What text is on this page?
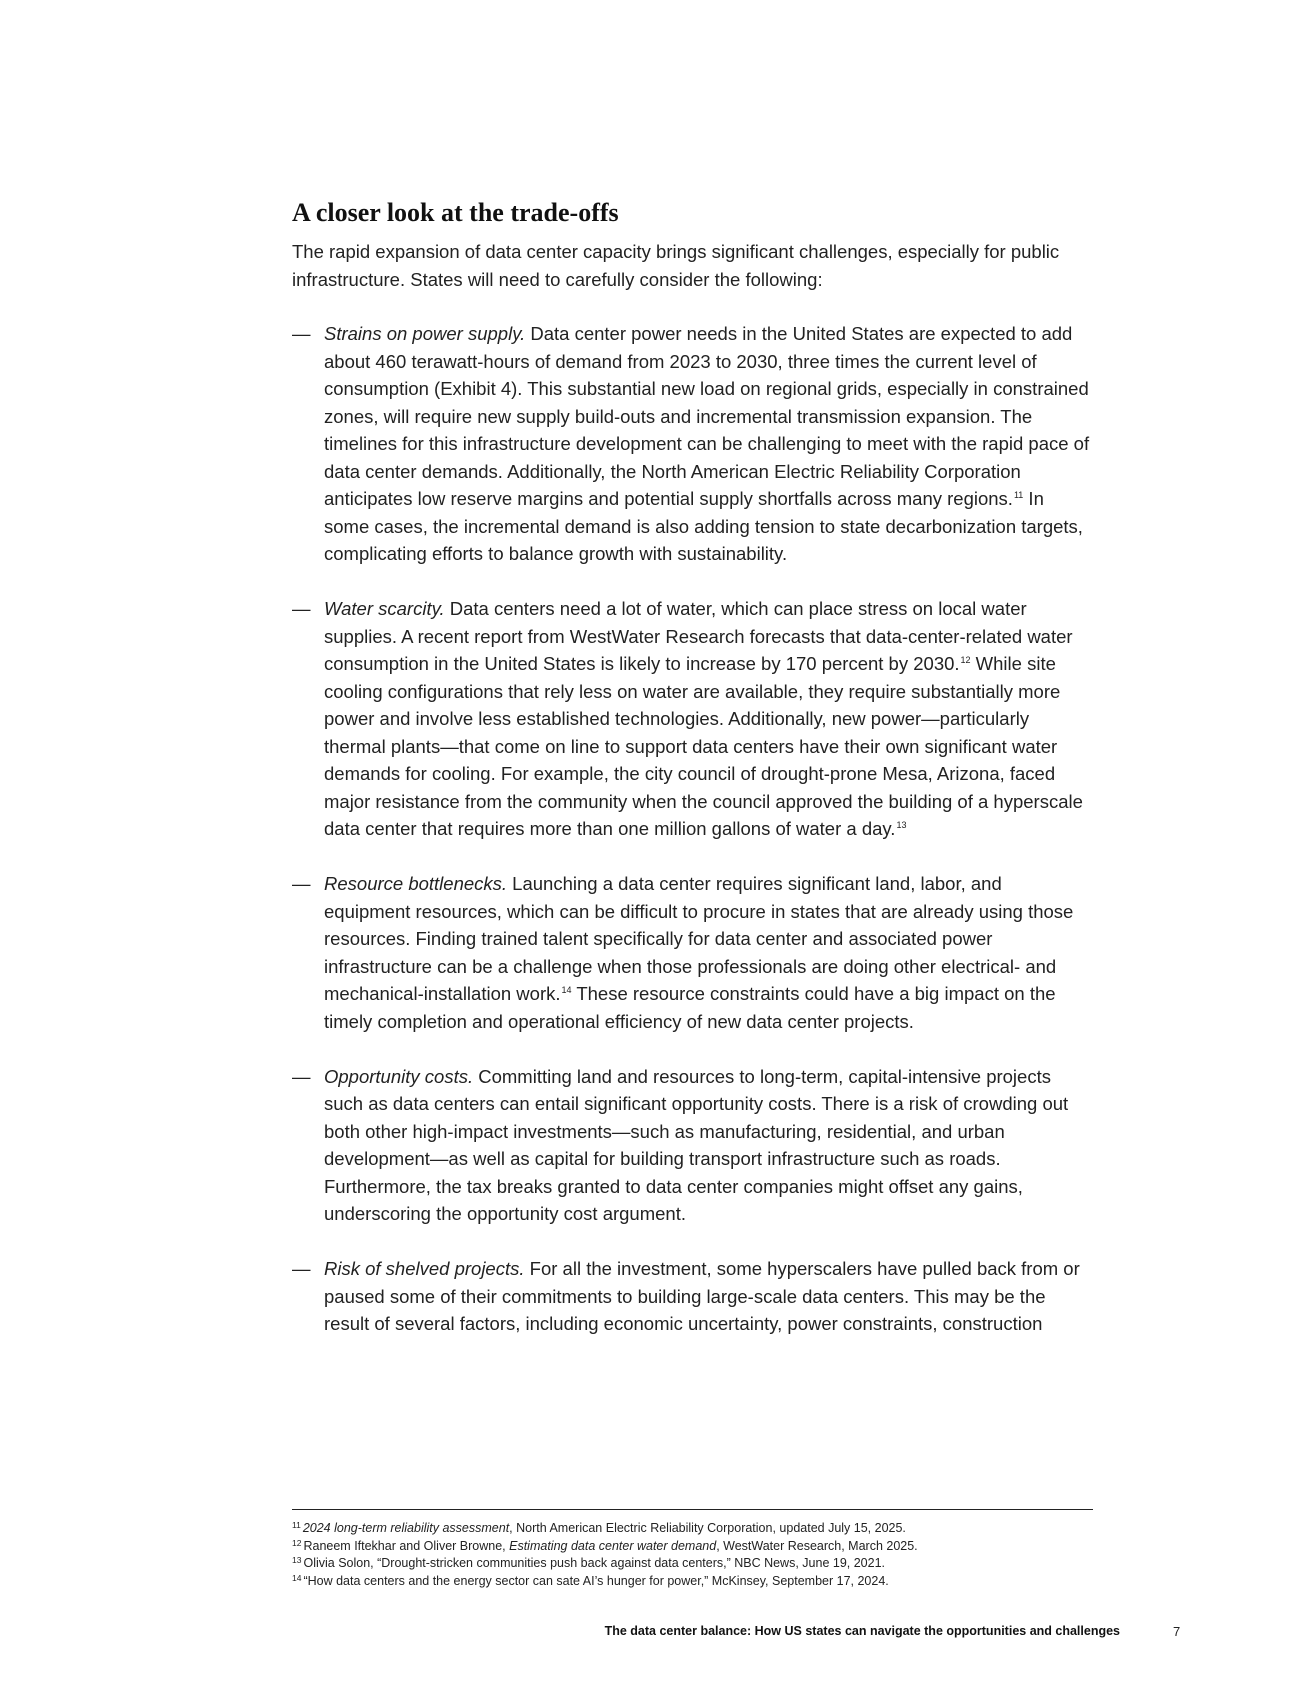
A closer look at the trade-offs

The rapid expansion of data center capacity brings significant challenges, especially for public infrastructure. States will need to carefully consider the following:

— Strains on power supply. Data center power needs in the United States are expected to add about 460 terawatt-hours of demand from 2023 to 2030, three times the current level of consumption (Exhibit 4). This substantial new load on regional grids, especially in constrained zones, will require new supply build-outs and incremental transmission expansion. The timelines for this infrastructure development can be challenging to meet with the rapid pace of data center demands. Additionally, the North American Electric Reliability Corporation anticipates low reserve margins and potential supply shortfalls across many regions.$^{11}$ In some cases, the incremental demand is also adding tension to state decarbonization targets, complicating efforts to balance growth with sustainability.
— Water scarcity. Data centers need a lot of water, which can place stress on local water supplies. A recent report from WestWater Research forecasts that data-center-related water consumption in the United States is likely to increase by 170 percent by 2030.12 While site cooling configurations that rely less on water are available, they require substantially more power and involve less established technologies. Additionally, new power—particularly thermal plants—that come on line to support data centers have their own significant water demands for cooling. For example, the city council of drought-prone Mesa, Arizona, faced major resistance from the community when the council approved the building of a hyperscale data center that requires more than one million gallons of water a day.$^{13}$
— Resource bottlenecks. Launching a data center requires significant land, labor, and equipment resources, which can be difficult to procure in states that are already using those resources. Finding trained talent specifically for data center and associated power infrastructure can be a challenge when those professionals are doing other electrical- and mechanical-installation work.$^{14}$ These resource constraints could have a big impact on the timely completion and operational efficiency of new data center projects.
— Opportunity costs. Committing land and resources to long-term, capital-intensive projects such as data centers can entail significant opportunity costs. There is a risk of crowding out both other high-impact investments—such as manufacturing, residential, and urban development—as well as capital for building transport infrastructure such as roads. Furthermore, the tax breaks granted to data center companies might offset any gains, underscoring the opportunity cost argument.
— Risk of shelved projects. For all the investment, some hyperscalers have pulled back from or paused some of their commitments to building large-scale data centers. This may be the result of several factors, including economic uncertainty, power constraints, construction
$^{11}$ 2024 long-term reliability assessment, North American Electric Reliability Corporation, updated July 15, 2025.
$^{12}$ Raneem Iftekhar and Oliver Browne, Estimating data center water demand, WestWater Research, March 2025.
$^{13}$ Olivia Solon, “Drought-stricken communities push back against data centers,” NBC News, June 19, 2021.
$^{14}$ “How data centers and the energy sector can sate AI’s hunger for power,” McKinsey, September 17, 2024.
The data center balance: How US states can navigate the opportunities and challenges	7
